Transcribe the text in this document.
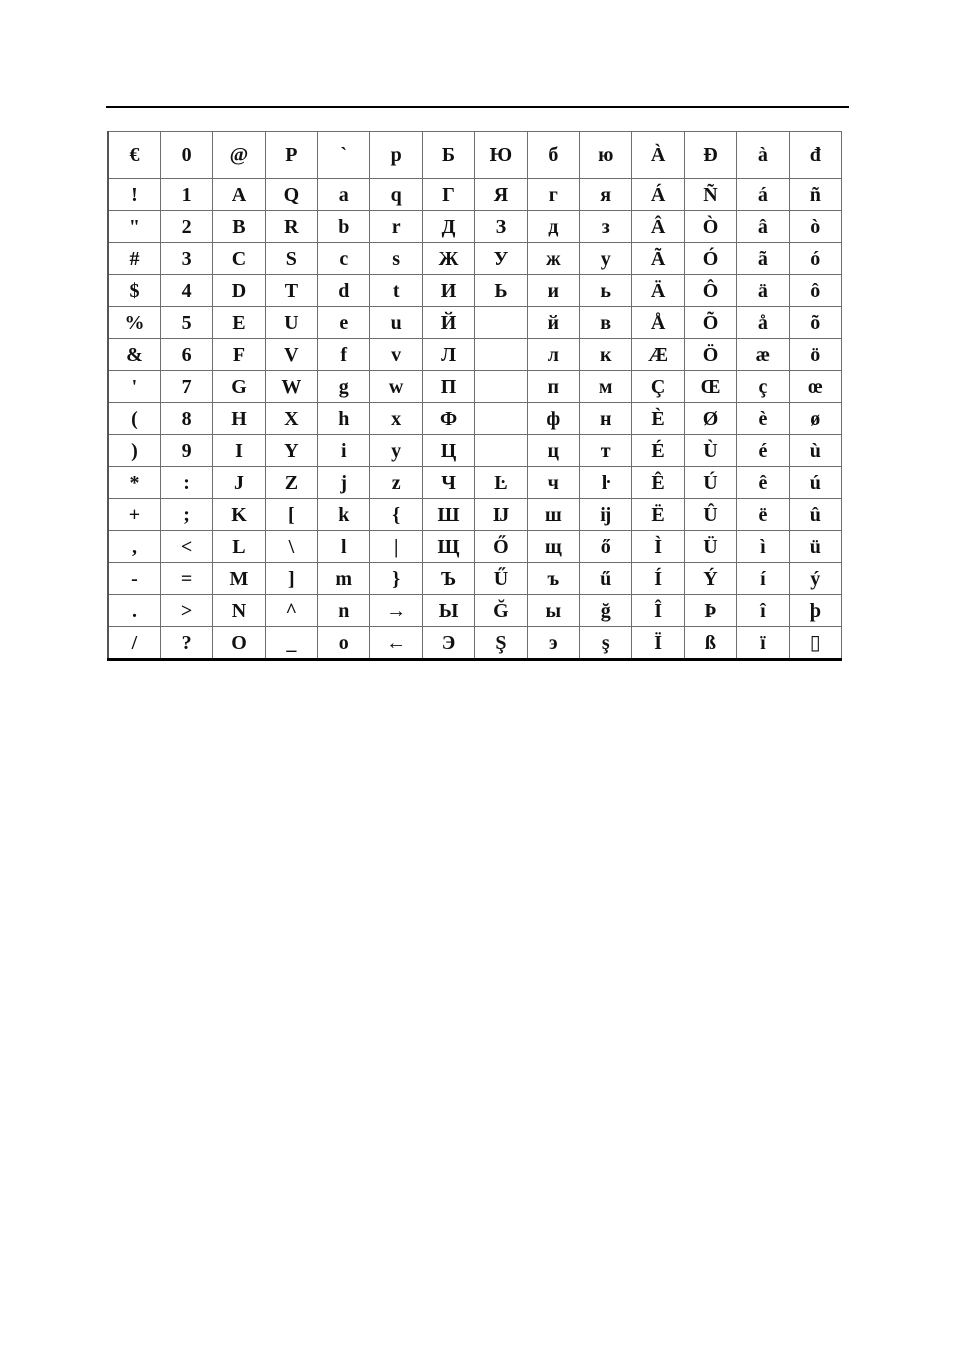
€	0	@	P	`	p	Б	Ю	б	ю	À	Đ	à	đ
!	1	A	Q	a	q	Г	Я	г	я	Á	Ñ	á	ñ
"	2	B	R	b	r	Д	З	д	з	Â	Ò	â	ò
#	3	C	S	c	s	Ж	У	ж	у	Ã	Ó	ã	ó
$	4	D	T	d	t	И	Ь	и	ь	Ä	Ô	ä	ô
%	5	E	U	e	u	Й		й	в	Å	Õ	å	õ
&	6	F	V	f	v	Л		л	к	Æ	Ö	æ	ö
'	7	G	W	g	w	П		п	м	Ç	Œ	ç	œ
(	8	H	X	h	x	Ф		ф	н	È	Ø	è	ø
)	9	I	Y	i	y	Ц		ц	т	É	Ù	é	ù
*	:	J	Z	j	z	Ч	Ŀ	ч	ŀ	Ê	Ú	ê	ú
+	;	K	[	k	{	Ш	Ĳ	ш	ĳ	Ë	Û	ë	û
,	<	L	\	l	|	Щ	Ő	щ	ő	Ì	Ü	ì	ü
-	=	M	]	m	}	Ъ	Ű	ъ	ű	Í	Ý	í	ý
.	>	N	^	n	→	Ы	Ğ	ы	ğ	Î	Þ	î	þ
/	?	O	_	o	←	Э	Ş	э	ş	Ï	ß	ï	▯
